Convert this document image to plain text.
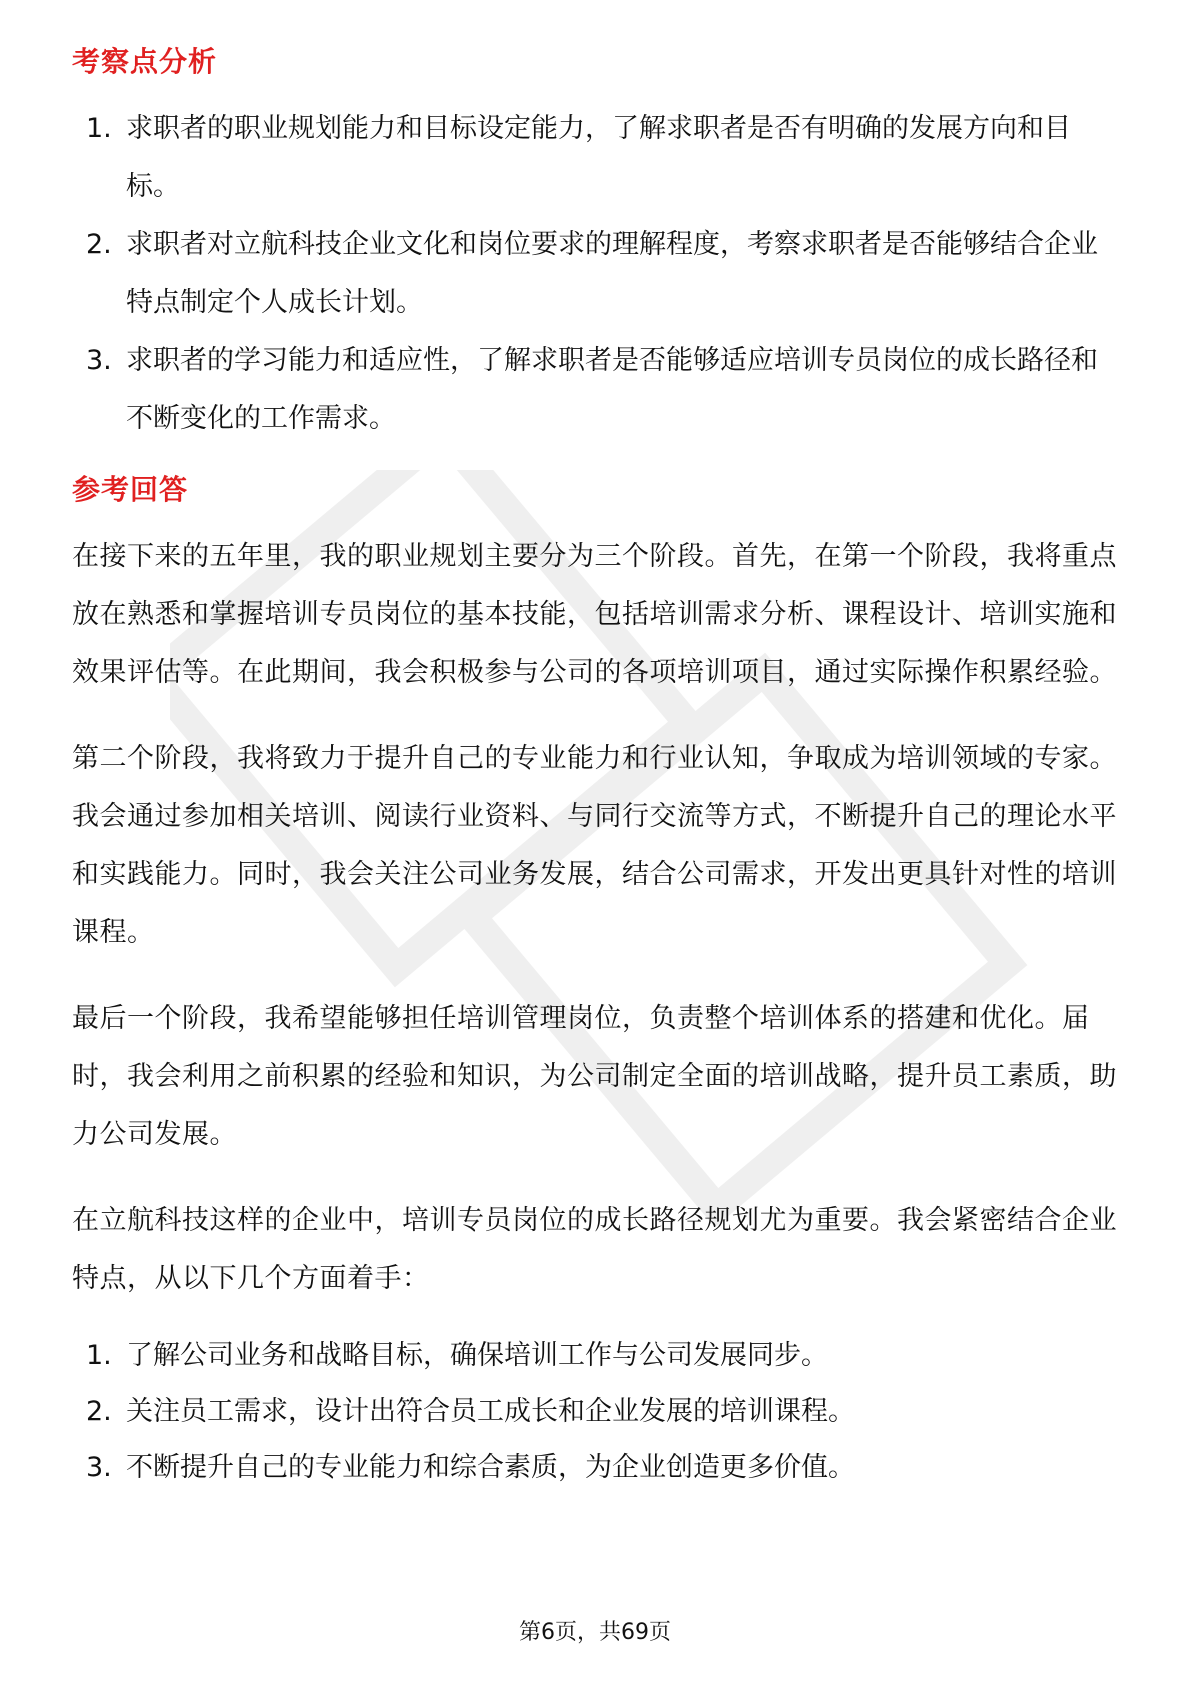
考察点分析
1. 求职者的职业规划能力和目标设定能力，了解求职者是否有明确的发展方向和目标。
2. 求职者对立航科技企业文化和岗位要求的理解程度，考察求职者是否能够结合企业特点制定个人成长计划。
3. 求职者的学习能力和适应性，了解求职者是否能够适应培训专员岗位的成长路径和不断变化的工作需求。
参考回答

在接下来的五年里，我的职业规划主要分为三个阶段。首先，在第一个阶段，我将重点放在熟悉和掌握培训专员岗位的基本技能，包括培训需求分析、课程设计、培训实施和效果评估等。在此期间，我会积极参与公司的各项培训项目，通过实际操作积累经验。

第二个阶段，我将致力于提升自己的专业能力和行业认知，争取成为培训领域的专家。我会通过参加相关培训、阅读行业资料、与同行交流等方式，不断提升自己的理论水平和实践能力。同时，我会关注公司业务发展，结合公司需求，开发出更具针对性的培训课程。

最后一个阶段，我希望能够担任培训管理岗位，负责整个培训体系的搭建和优化。届时，我会利用之前积累的经验和知识，为公司制定全面的培训战略，提升员工素质，助力公司发展。

在立航科技这样的企业中，培训专员岗位的成长路径规划尤为重要。我会紧密结合企业特点，从以下几个方面着手：

1. 了解公司业务和战略目标，确保培训工作与公司发展同步。
2. 关注员工需求，设计出符合员工成长和企业发展的培训课程。
3. 不断提升自己的专业能力和综合素质，为企业创造更多价值。
第6页，共69页
